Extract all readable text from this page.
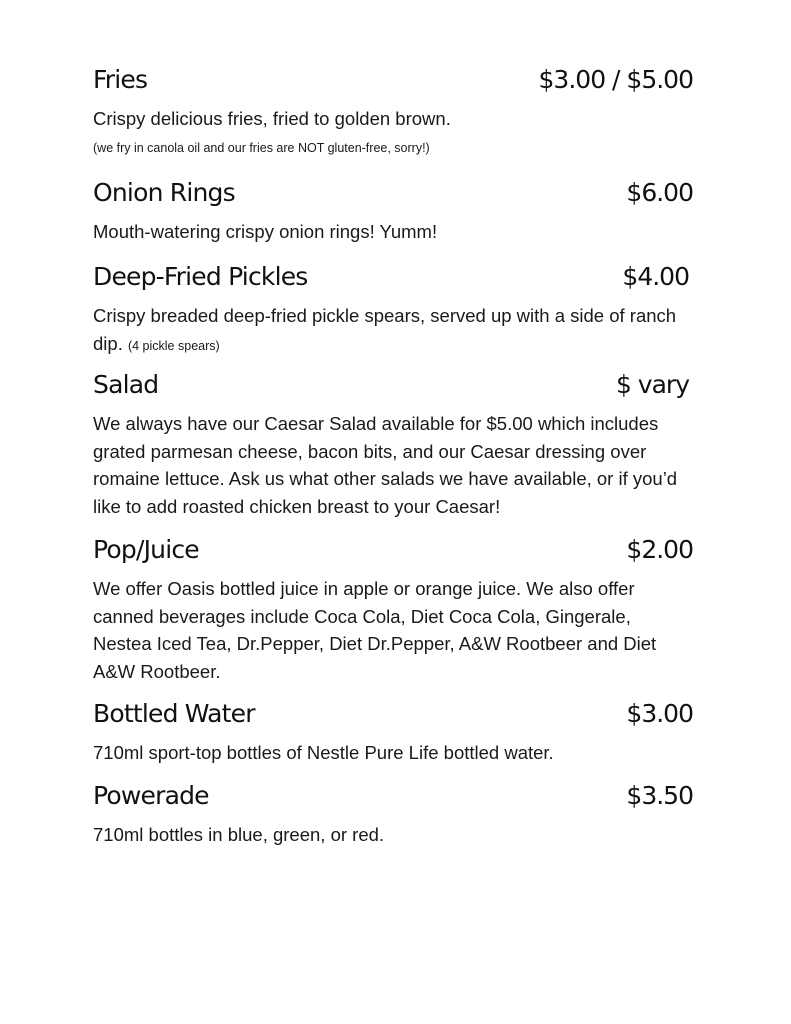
Fries	$3.00 / $5.00

Crispy delicious fries, fried to golden brown.

(we fry in canola oil and our fries are NOT gluten-free, sorry!)
Onion Rings	$6.00

Mouth-watering crispy onion rings! Yumm!

Deep-Fried Pickles	$4.00

Crispy breaded deep-fried pickle spears, served up with a side of ranch dip. (4 pickle spears)

Salad	$ vary

We always have our Caesar Salad available for $5.00 which includes grated parmesan cheese, bacon bits, and our Caesar dressing over romaine lettuce. Ask us what other salads we have available, or if you’d like to add roasted chicken breast to your Caesar!

Pop/Juice	$2.00

We offer Oasis bottled juice in apple or orange juice. We also offer canned beverages include Coca Cola, Diet Coca Cola, Gingerale, Nestea Iced Tea, Dr.Pepper, Diet Dr.Pepper, A&W Rootbeer and Diet A&W Rootbeer.

Bottled Water	$3.00

710ml sport-top bottles of Nestle Pure Life bottled water.

Powerade	$3.50

710ml bottles in blue, green, or red.
